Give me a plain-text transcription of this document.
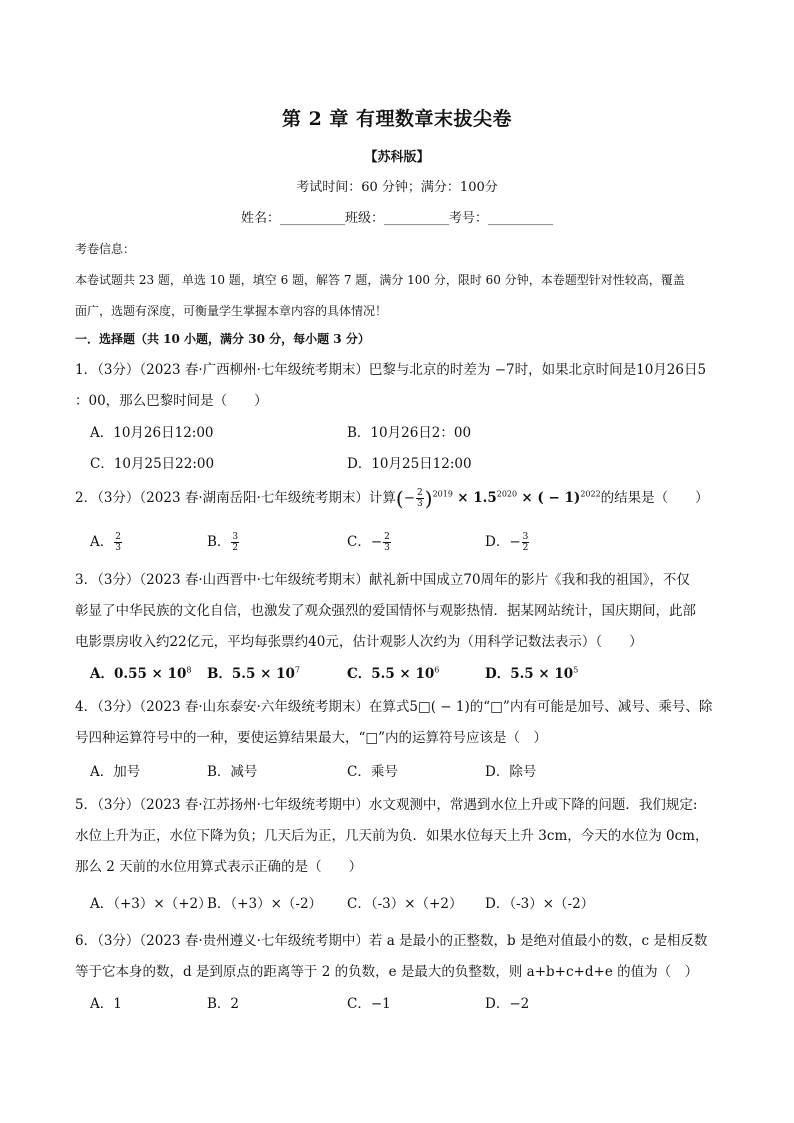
第 2 章 有理数章末拔尖卷
【苏科版】
考试时间：60 分钟；满分：100分
姓名：__________班级：__________考号：__________
考卷信息：
本卷试题共 23 题，单选 10 题，填空 6 题，解答 7 题，满分 100 分，限时 60 分钟，本卷题型针对性较高，覆盖
面广，选题有深度，可衡量学生掌握本章内容的具体情况！
一．选择题（共 10 小题，满分 30 分，每小题 3 分）
1．（3分）（2023 春·广西柳州·七年级统考期末）巴黎与北京的时差为 −7时，如果北京时间是10月26日5
：00，那么巴黎时间是（　　）
A．10月26日12:00	B．10月26日2：00
C．10月25日22:00	D．10月25日12:00
2．（3分）（2023 春·湖南岳阳·七年级统考期末）计算(− $\frac{2}{3} )^{2019} \times 1.5^{2020}$ × ( − 1)$^{2022}$的结果是（　　）
A． $\frac{2}{3}$	B． $\frac{3}{2}$	C．− $\frac{2}{3}$	D．− $\frac{3}{2}$
3．（3分）（2023 春·山西晋中·七年级统考期末）献礼新中国成立70周年的影片《我和我的祖国》，不仅
彰显了中华民族的文化自信，也激发了观众强烈的爱国情怀与观影热情．据某网站统计，国庆期间，此部
电影票房收入约22亿元，平均每张票约40元，估计观影人次约为（用科学记数法表示）（　　）
A．$0.55 \times 10^8$ B．$5.5 \times 10^7$	C．$5.5 \times 10^6$	D．$5.5 \times 10^5$
4．（3分）（2023 春·山东泰安·六年级统考期末）在算式5□( − 1)的“□”内有可能是加号、减号、乘号、除
号四种运算符号中的一种，要使运算结果最大，“□”内的运算符号应该是（　）
A．加号	B．减号	C．乘号	D．除号
5．（3分）（2023 春·江苏扬州·七年级统考期中）水文观测中，常遇到水位上升或下降的问题．我们规定:
水位上升为正，水位下降为负；几天后为正，几天前为负．如果水位每天上升 3cm，今天的水位为 0cm，
那么 2 天前的水位用算式表示正确的是（　　）
A．（+3）×（+2）
B．（+3）×（-2） C．（-3）×（+2） D．（-3）×（-2）
6．（3分）（2023 春·贵州遵义·七年级统考期中）若 a 是最小的正整数，b 是绝对值最小的数，c 是相反数
等于它本身的数，d 是到原点的距离等于 2 的负数，e 是最大的负整数，则 a+b+c+d+e 的值为（　）
A．1	B．2	C．−1	D．−2
